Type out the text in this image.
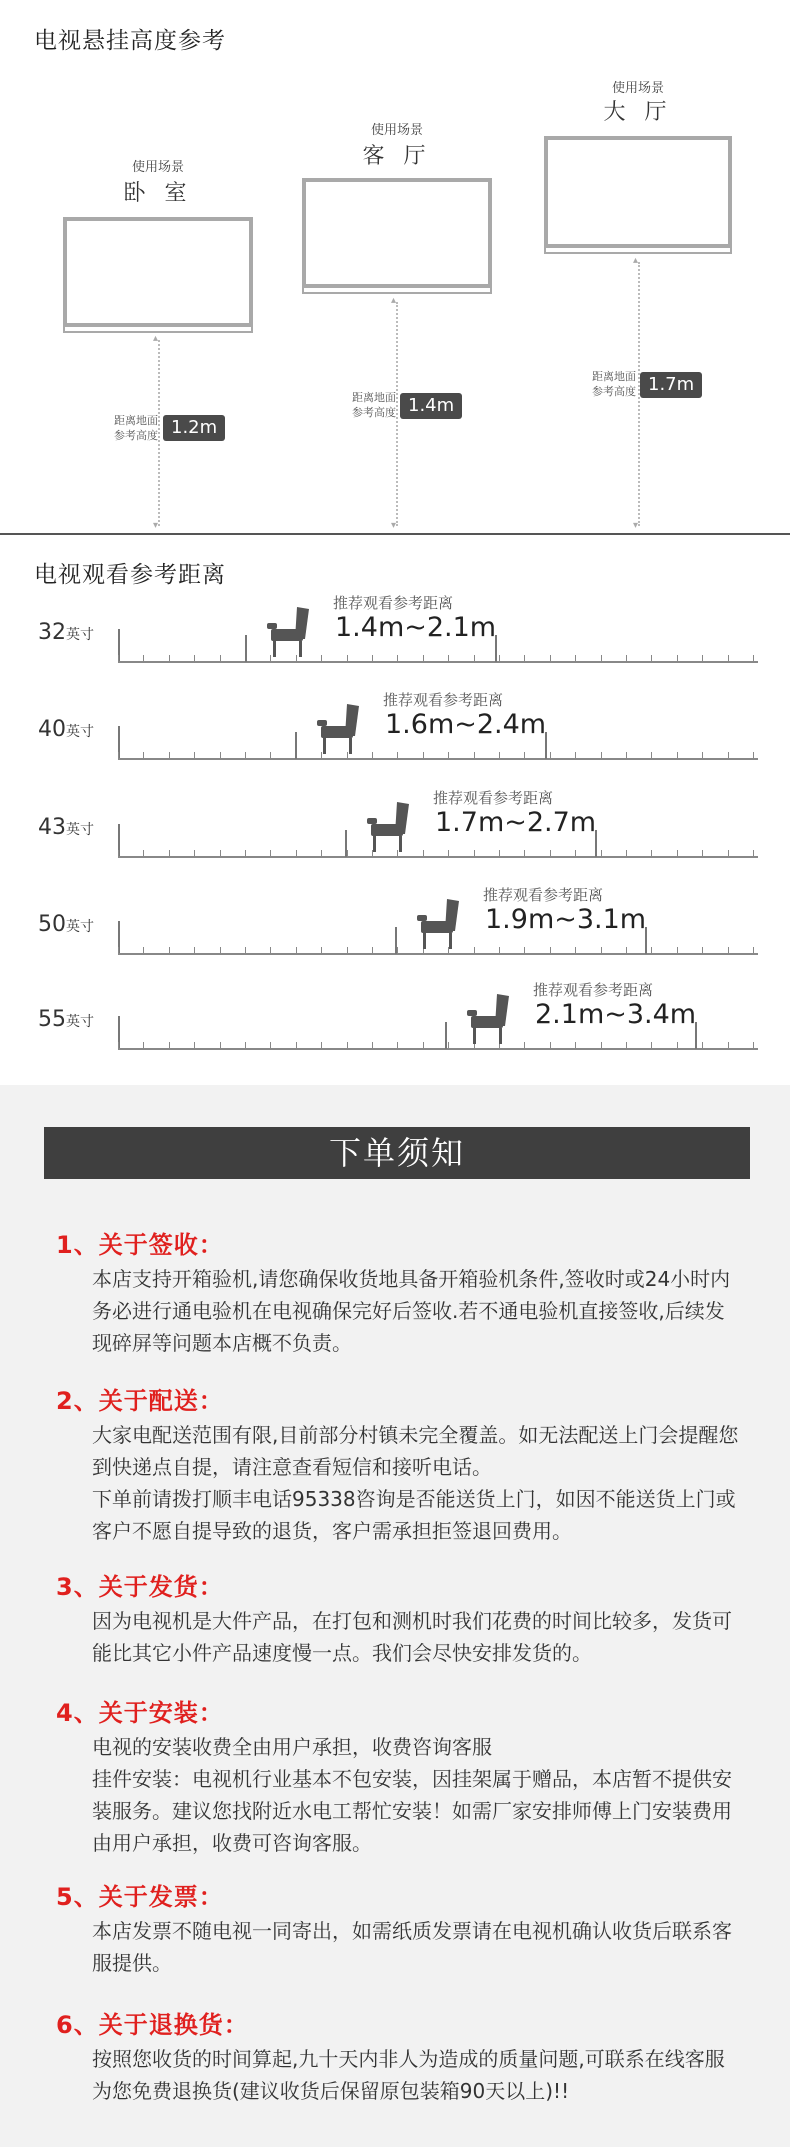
电视悬挂高度参考
使用场景
卧 室
▴
▾
距离地面
参考高度 1.2m
使用场景
客 厅
▴
▾
距离地面
参考高度 1.4m
使用场景
大 厅
▴
▾
距离地面
参考高度 1.7m
电视观看参考距离
32英寸
推荐观看参考距离
1.4m~2.1m
40英寸
推荐观看参考距离
1.6m~2.4m
43英寸
推荐观看参考距离
1.7m~2.7m
50英寸
推荐观看参考距离
1.9m~3.1m
55英寸
推荐观看参考距离
2.1m~3.4m
下单须知
1、关于签收：
本店支持开箱验机,请您确保收货地具备开箱验机条件,签收时或24小时内务必进行通电验机在电视确保完好后签收.若不通电验机直接签收,后续发现碎屏等问题本店概不负责。
2、关于配送：
大家电配送范围有限,目前部分村镇未完全覆盖。如无法配送上门会提醒您到快递点自提，请注意查看短信和接听电话。
下单前请拨打顺丰电话95338咨询是否能送货上门，如因不能送货上门或客户不愿自提导致的退货，客户需承担拒签退回费用。
3、关于发货：
因为电视机是大件产品，在打包和测机时我们花费的时间比较多，发货可能比其它小件产品速度慢一点。我们会尽快安排发货的。
4、关于安装：
电视的安装收费全由用户承担，收费咨询客服
挂件安装：电视机行业基本不包安装，因挂架属于赠品，本店暂不提供安装服务。建议您找附近水电工帮忙安装！如需厂家安排师傅上门安装费用由用户承担，收费可咨询客服。
5、关于发票：
本店发票不随电视一同寄出，如需纸质发票请在电视机确认收货后联系客服提供。
6、关于退换货：
按照您收货的时间算起,九十天内非人为造成的质量问题,可联系在线客服为您免费退换货(建议收货后保留原包装箱90天以上)!!
